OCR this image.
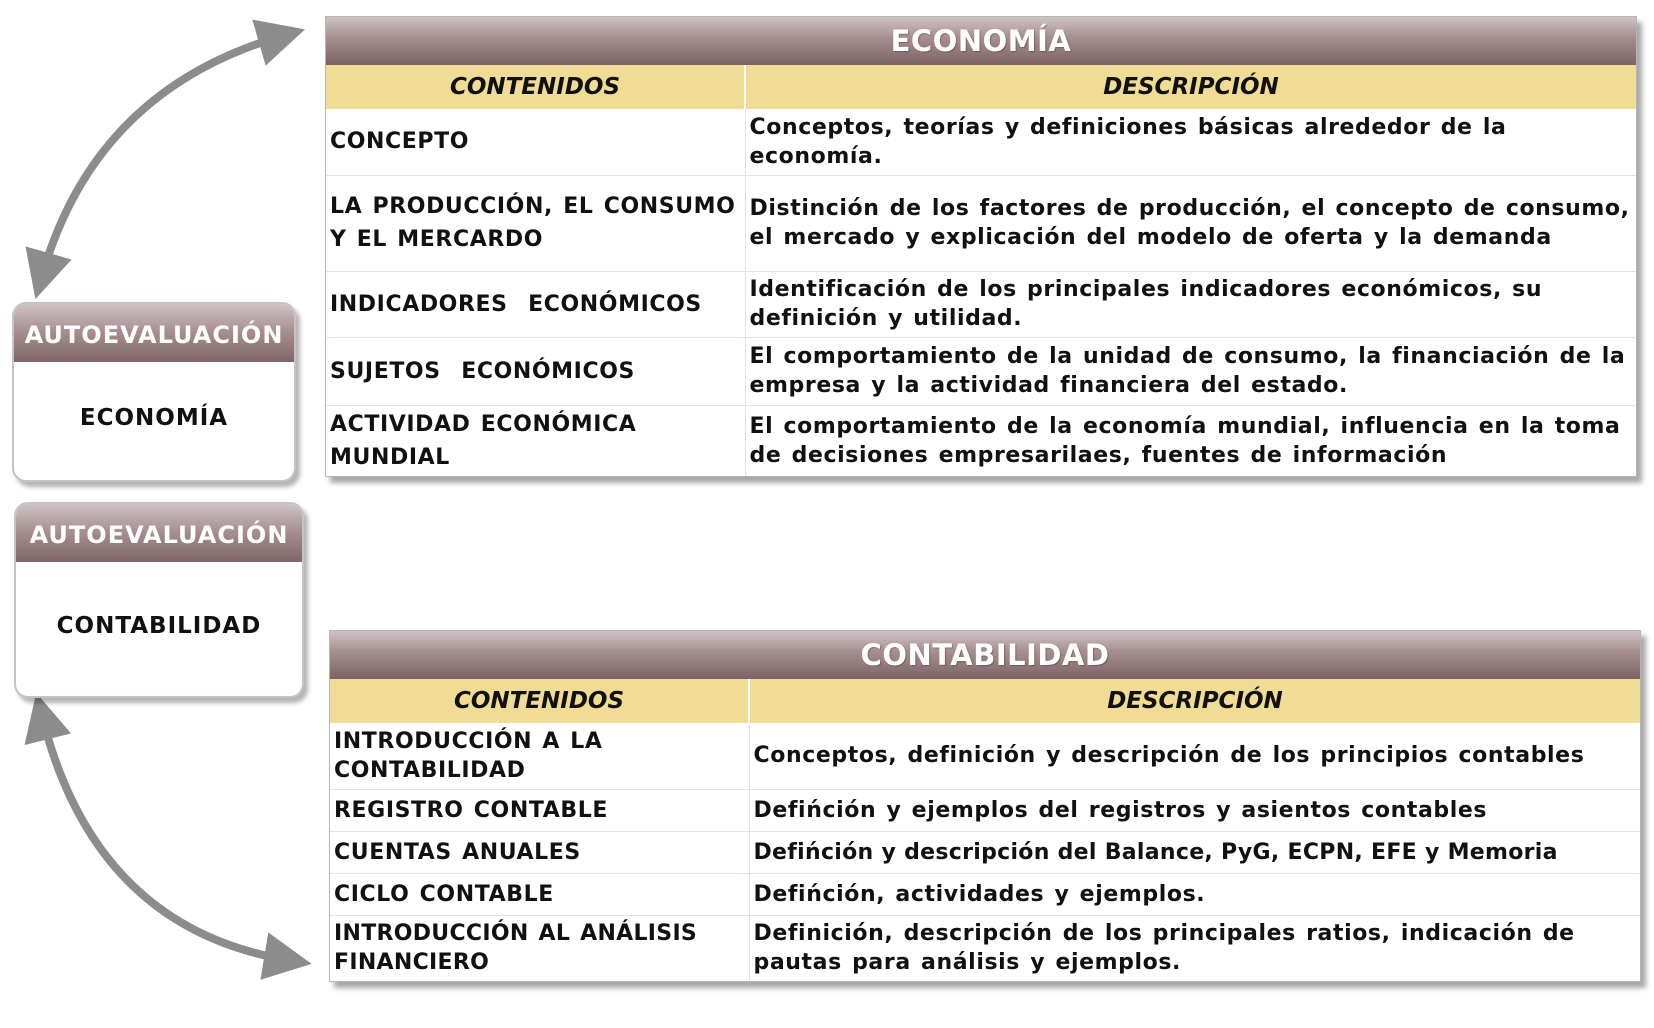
ECONOMÍA
CONTENIDOS	DESCRIPCIÓN
CONCEPTO	Conceptos, teorías y definiciones básicas alrededor de la economía.
LA PRODUCCIÓN, EL CONSUMO Y EL MERCARDO	Distinción de los factores de producción, el concepto de consumo, el mercado y explicación del modelo de oferta y la demanda
INDICADORES  ECONÓMICOS	Identificación de los principales indicadores económicos, su definición y utilidad.
SUJETOS  ECONÓMICOS	El comportamiento de la unidad de consumo, la financiación de la empresa y la actividad financiera del estado.
ACTIVIDAD ECONÓMICA MUNDIAL	El comportamiento de la economía mundial, influencia en la toma de decisiones empresarilaes, fuentes de información
CONTABILIDAD
CONTENIDOS	DESCRIPCIÓN
INTRODUCCIÓN A LA CONTABILIDAD	Conceptos, definición y descripción de los principios contables
REGISTRO CONTABLE	Defińción y ejemplos del registros y asientos contables
CUENTAS ANUALES	Defińción y descripción del Balance, PyG, ECPN, EFE y Memoria
CICLO CONTABLE	Defińción, actividades y ejemplos.
INTRODUCCIÓN AL ANÁLISIS FINANCIERO	Definición, descripción de los principales ratios, indicación de pautas para análisis y ejemplos.
AUTOEVALUACIÓN
ECONOMÍA
AUTOEVALUACIÓN
CONTABILIDAD
